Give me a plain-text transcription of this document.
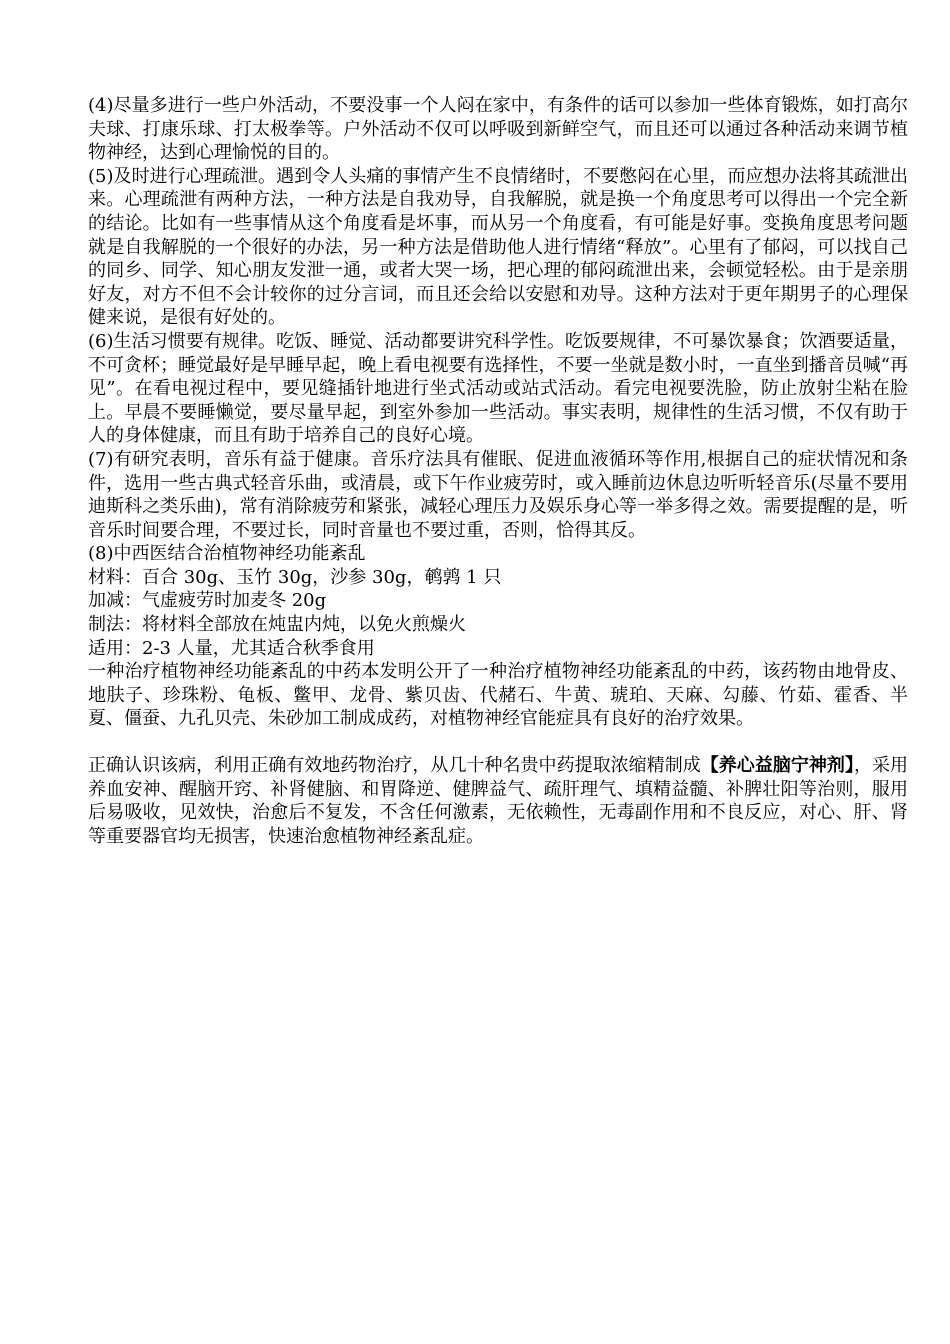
(4)尽量多进行一些户外活动，不要没事一个人闷在家中，有条件的话可以参加一些体育锻炼，如打高尔夫球、打康乐球、打太极拳等。户外活动不仅可以呼吸到新鲜空气，而且还可以通过各种活动来调节植物神经，达到心理愉悦的目的。

(5)及时进行心理疏泄。遇到令人头痛的事情产生不良情绪时，不要憋闷在心里，而应想办法将其疏泄出来。心理疏泄有两种方法，一种方法是自我劝导，自我解脱，就是换一个角度思考可以得出一个完全新的结论。比如有一些事情从这个角度看是坏事，而从另一个角度看，有可能是好事。变换角度思考问题就是自我解脱的一个很好的办法，另一种方法是借助他人进行情绪“释放”。心里有了郁闷，可以找自己的同乡、同学、知心朋友发泄一通，或者大哭一场，把心理的郁闷疏泄出来，会顿觉轻松。由于是亲朋好友，对方不但不会计较你的过分言词，而且还会给以安慰和劝导。这种方法对于更年期男子的心理保健来说，是很有好处的。

(6)生活习惯要有规律。吃饭、睡觉、活动都要讲究科学性。吃饭要规律，不可暴饮暴食；饮酒要适量，不可贪杯；睡觉最好是早睡早起，晚上看电视要有选择性，不要一坐就是数小时，一直坐到播音员喊“再见”。在看电视过程中，要见缝插针地进行坐式活动或站式活动。看完电视要洗脸，防止放射尘粘在脸上。早晨不要睡懒觉，要尽量早起，到室外参加一些活动。事实表明，规律性的生活习惯，不仅有助于人的身体健康，而且有助于培养自己的良好心境。

(7)有研究表明，音乐有益于健康。音乐疗法具有催眠、促进血液循环等作用,根据自己的症状情况和条件，选用一些古典式轻音乐曲，或清晨，或下午作业疲劳时，或入睡前边休息边听听轻音乐(尽量不要用迪斯科之类乐曲)，常有消除疲劳和紧张，减轻心理压力及娱乐身心等一举多得之效。需要提醒的是，听音乐时间要合理，不要过长，同时音量也不要过重，否则，恰得其反。

(8)中西医结合治植物神经功能紊乱

材料：百合 30g、玉竹 30g，沙参 30g，鹌鹑 1 只

加减：气虚疲劳时加麦冬 20g

制法：将材料全部放在炖盅内炖，以免火煎燥火

适用：2-3 人量，尤其适合秋季食用

一种治疗植物神经功能紊乱的中药本发明公开了一种治疗植物神经功能紊乱的中药，该药物由地骨皮、地肤子、珍珠粉、龟板、鳖甲、龙骨、紫贝齿、代赭石、牛黄、琥珀、天麻、勾藤、竹茹、霍香、半夏、僵蚕、九孔贝壳、朱砂加工制成成药，对植物神经官能症具有良好的治疗效果。

正确认识该病，利用正确有效地药物治疗，从几十种名贵中药提取浓缩精制成【养心益脑宁神剂】，采用养血安神、醒脑开窍、补肾健脑、和胃降逆、健脾益气、疏肝理气、填精益髓、补脾壮阳等治则，服用后易吸收，见效快，治愈后不复发，不含任何激素，无依赖性，无毒副作用和不良反应，对心、肝、肾等重要器官均无损害，快速治愈植物神经紊乱症。
